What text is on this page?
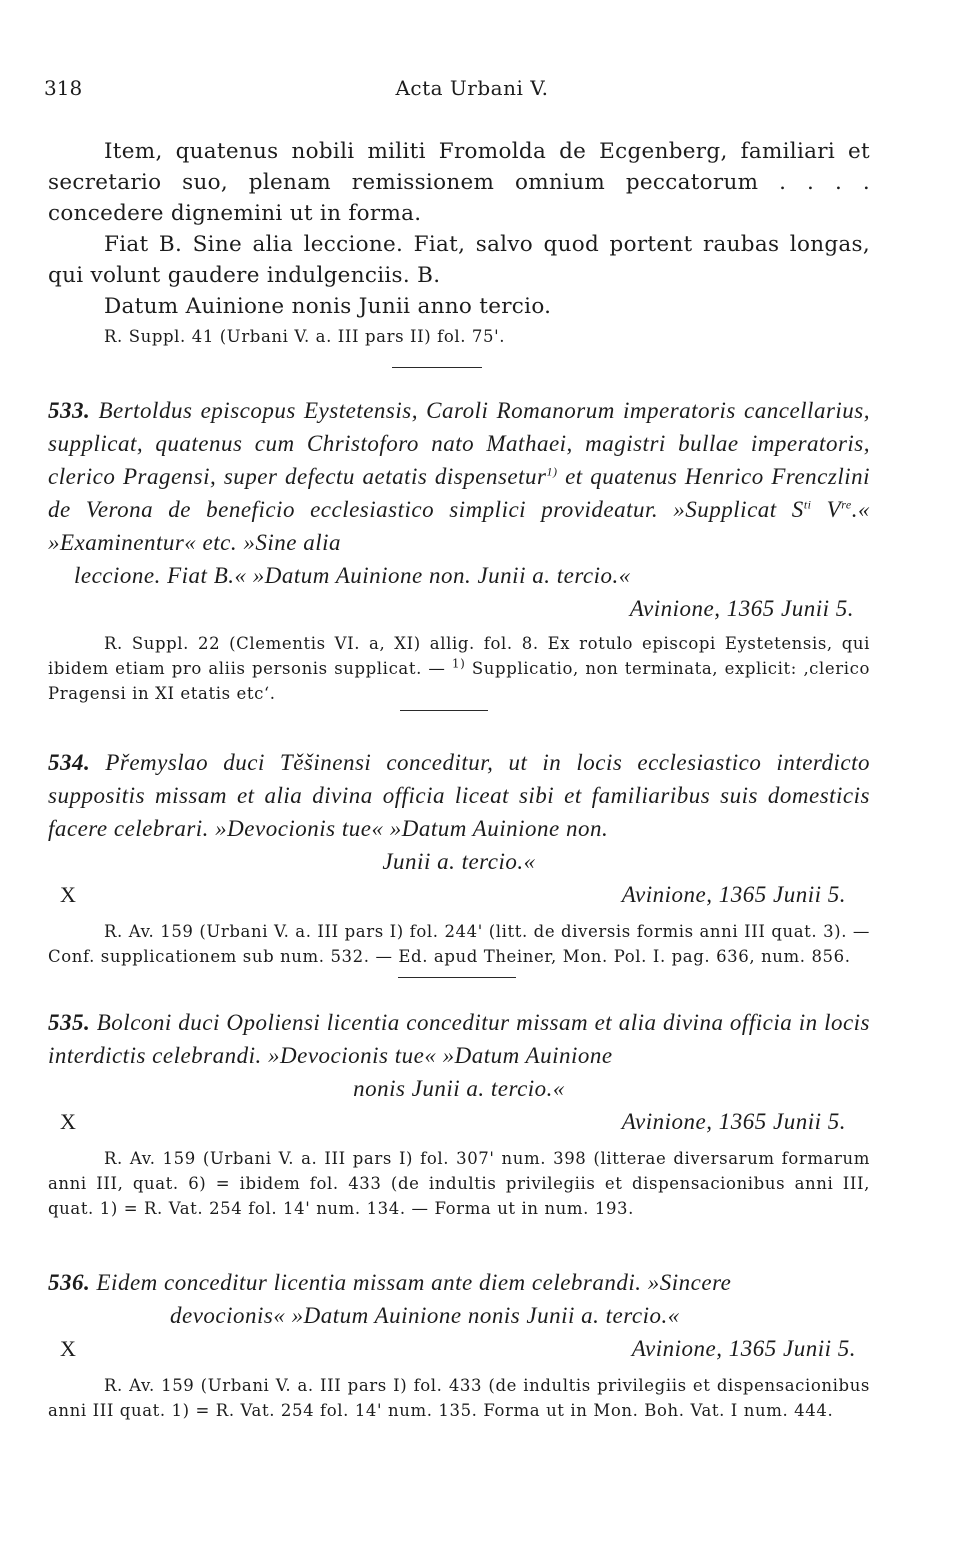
318	Acta Urbani V.

Item, quatenus nobili militi Fromolda de Ecgenberg, familiari et secretario suo, plenam remissionem omnium peccatorum . . . . concedere dignemini ut in forma.

Fiat B. Sine alia leccione. Fiat, salvo quod portent raubas longas, qui volunt gaudere indulgenciis. B.

Datum Auinione nonis Junii anno tercio.

R. Suppl. 41 (Urbani V. a. III pars II) fol. 75'.

533. Bertoldus episcopus Eystetensis, Caroli Romanorum imperatoris cancellarius, supplicat, quatenus cum Christoforo nato Mathaei, magistri bullae imperatoris, clerico Pragensi, super defectu aetatis dispensetur$^{1)}$ et quatenus Henrico Frenczlini de Verona de beneficio ecclesiastico simplici provideatur. »Supplicat $S^{ti}$ Vre.« »Examinentur« etc. »Sine alia

leccione. Fiat B.« »Datum Auinione non. Junii a. tercio.«

Avinione, 1365 Junii 5.

R. Suppl. 22 (Clementis VI. a, XI) allig. fol. 8. Ex rotulo episcopi Eystetensis, qui ibidem etiam pro aliis personis supplicat. — $^{1)}$ Supplicatio, non terminata, explicit: ‚clerico Pragensi in XI etatis etc‘.

534. Přemyslao duci Těšinensi conceditur, ut in locis ecclesiastico interdicto suppositis missam et alia divina officia liceat sibi et familiaribus suis domesticis facere celebrari. »Devocionis tue« »Datum Auinione non.

Junii a. tercio.«

X	Avinione, 1365 Junii 5.

R. Av. 159 (Urbani V. a. III pars I) fol. 244' (litt. de diversis formis anni III quat. 3). — Conf. supplicationem sub num. 532. — Ed. apud Theiner, Mon. Pol. I. pag. 636, num. 856.

535. Bolconi duci Opoliensi licentia conceditur missam et alia divina officia in locis interdictis celebrandi. »Devocionis tue« »Datum Auinione

nonis Junii a. tercio.«

X	Avinione, 1365 Junii 5.

R. Av. 159 (Urbani V. a. III pars I) fol. 307' num. 398 (litterae diversarum formarum anni III, quat. 6) = ibidem fol. 433 (de indultis privilegiis et dispensacionibus anni III, quat. 1) = R. Vat. 254 fol. 14' num. 134. — Forma ut in num. 193.

536. Eidem conceditur licentia missam ante diem celebrandi. »Sincere

devocionis« »Datum Auinione nonis Junii a. tercio.«

X	Avinione, 1365 Junii 5.

R. Av. 159 (Urbani V. a. III pars I) fol. 433 (de indultis privilegiis et dispensacionibus anni III quat. 1) = R. Vat. 254 fol. 14' num. 135. Forma ut in Mon. Boh. Vat. I num. 444.
